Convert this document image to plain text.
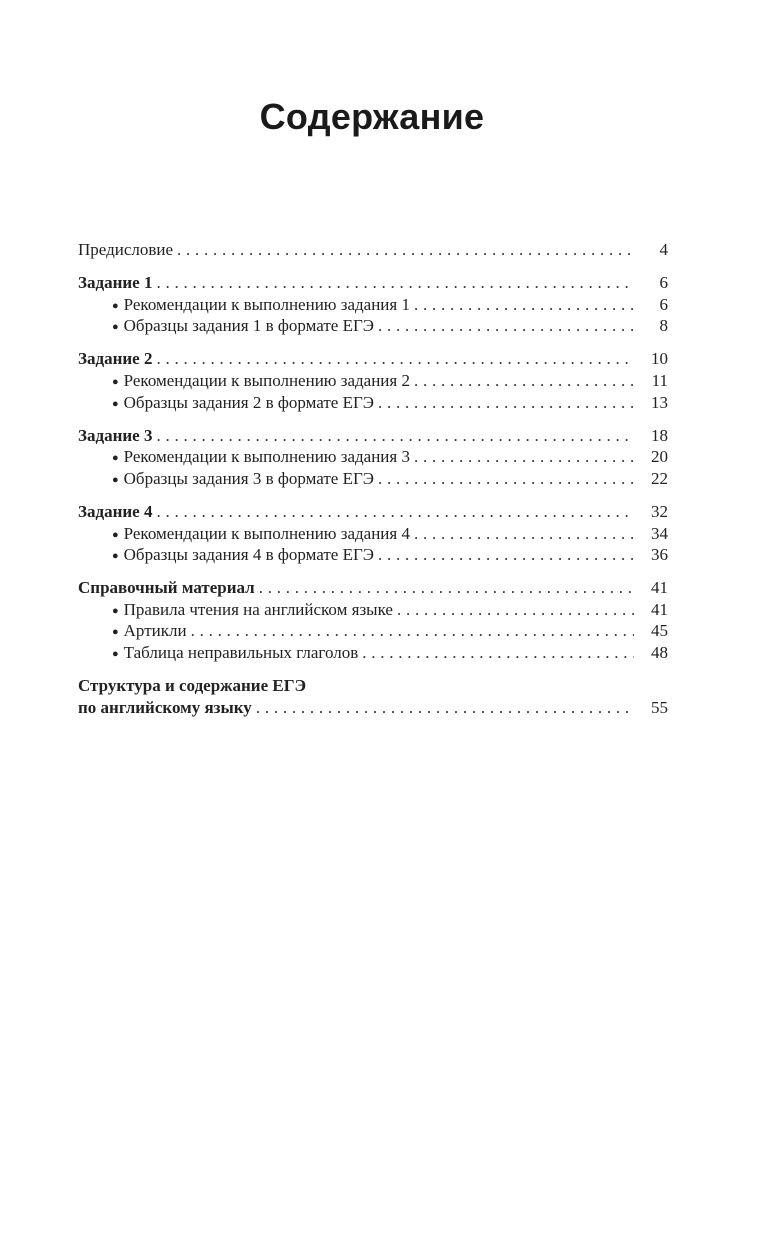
Содержание
Предисловие . . .	4
Задание 1 . . .	6
● Рекомендации к выполнению задания 1 . . .	6
● Образцы задания 1 в формате ЕГЭ . . .	8
Задание 2 . . .	10
● Рекомендации к выполнению задания 2 . . .	11
● Образцы задания 2 в формате ЕГЭ . . .	13
Задание 3 . . .	18
● Рекомендации к выполнению задания 3 . . .	20
● Образцы задания 3 в формате ЕГЭ . . .	22
Задание 4 . . .	32
● Рекомендации к выполнению задания 4 . . .	34
● Образцы задания 4 в формате ЕГЭ . . .	36
Справочный материал . . .	41
● Правила чтения на английском языке . . .	41
● Артикли . . .	45
● Таблица неправильных глаголов . . .	48
Структура и содержание ЕГЭ
по английскому языку . . .	55
